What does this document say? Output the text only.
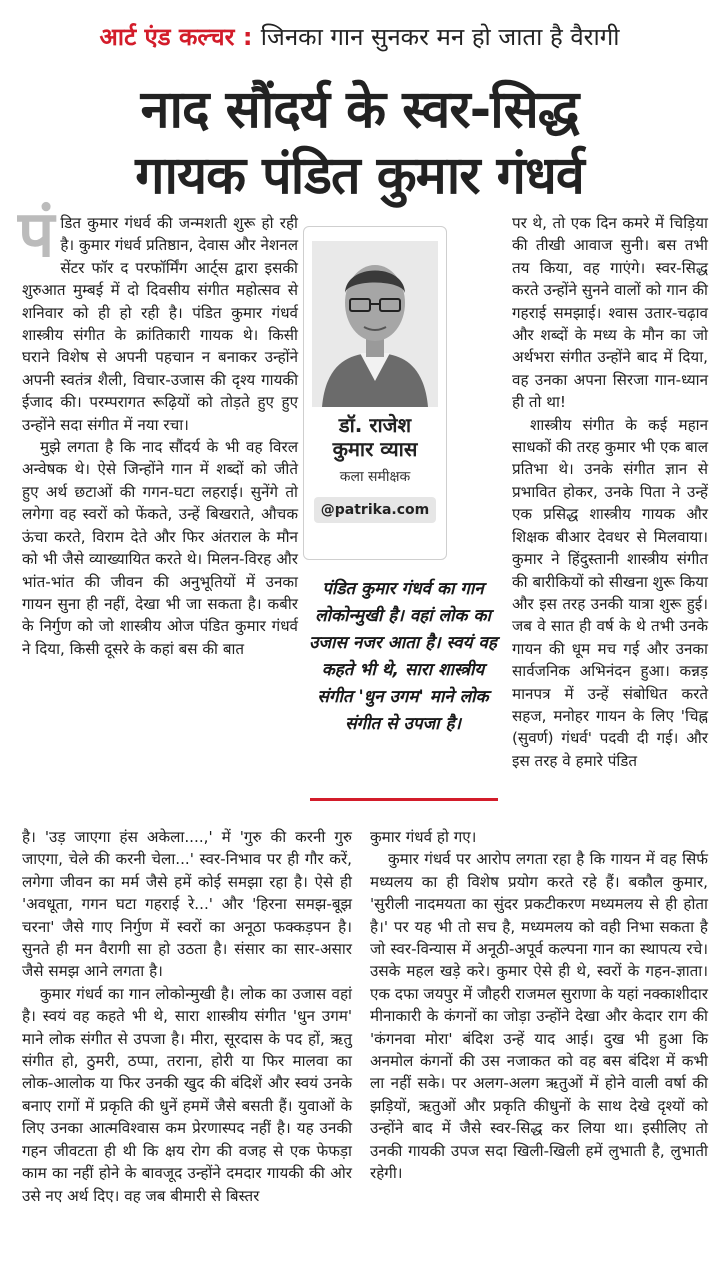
आर्ट एंड कल्चर : जिनका गान सुनकर मन हो जाता है वैरागी
नाद सौंदर्य के स्वर-सिद्ध
गायक पंडित कुमार गंधर्व

पंडित कुमार गंधर्व की जन्मशती शुरू हो रही है। कुमार गंधर्व प्रतिष्ठान, देवास और नेशनल सेंटर फॉर द परफॉर्मिंग आर्ट्स द्वारा इसकी शुरुआत मुम्बई में दो दिवसीय संगीत महोत्सव से शनिवार को ही हो रही है। पंडित कुमार गंधर्व शास्त्रीय संगीत के क्रांतिकारी गायक थे। किसी घराने विशेष से अपनी पहचान न बनाकर उन्होंने अपनी स्वतंत्र शैली, विचार-उजास की दृश्य गायकी ईजाद की। परम्परागत रूढ़ियों को तोड़ते हुए हुए उन्होंने सदा संगीत में नया रचा।

मुझे लगता है कि नाद सौंदर्य के भी वह विरल अन्वेषक थे। ऐसे जिन्होंने गान में शब्दों को जीते हुए अर्थ छटाओं की गगन-घटा लहराई। सुनेंगे तो लगेगा वह स्वरों को फेंकते, उन्हें बिखराते, औचक ऊंचा करते, विराम देते और फिर अंतराल के मौन को भी जैसे व्याख्यायित करते थे। मिलन-विरह और भांत-भांत की जीवन की अनुभूतियों में उनका गायन सुना ही नहीं, देखा भी जा सकता है। कबीर के निर्गुण को जो शास्त्रीय ओज पंडित कुमार गंधर्व ने दिया, किसी दूसरे के कहां बस की बात

डॉ. राजेश
कुमार व्यास
कला समीक्षक
@patrika.com
पंडित कुमार गंधर्व का गान लोकोन्मुखी है। वहां लोक का उजास नजर आता है। स्वयं वह कहते भी थे, सारा शास्त्रीय संगीत 'धुन उगम' माने लोक संगीत से उपजा है।

पर थे, तो एक दिन कमरे में चिड़िया की तीखी आवाज सुनी। बस तभी तय किया, वह गाएंगे। स्वर-सिद्ध करते उन्होंने सुनने वालों को गान की गहराई समझाई। श्वास उतार-चढ़ाव और शब्दों के मध्य के मौन का जो अर्थभरा संगीत उन्होंने बाद में दिया, वह उनका अपना सिरजा गान-ध्यान ही तो था!

शास्त्रीय संगीत के कई महान साधकों की तरह कुमार भी एक बाल प्रतिभा थे। उनके संगीत ज्ञान से प्रभावित होकर, उनके पिता ने उन्हें एक प्रसिद्ध शास्त्रीय गायक और शिक्षक बीआर देवधर से मिलवाया। कुमार ने हिंदुस्तानी शास्त्रीय संगीत की बारीकियों को सीखना शुरू किया और इस तरह उनकी यात्रा शुरू हुई। जब वे सात ही वर्ष के थे तभी उनके गायन की धूम मच गई और उनका सार्वजनिक अभिनंदन हुआ। कन्नड़ मानपत्र में उन्हें संबोधित करते सहज, मनोहर गायन के लिए 'चिह्न (सुवर्ण) गंधर्व' पदवी दी गई। और इस तरह वे हमारे पंडित

है। 'उड़ जाएगा हंस अकेला....,' में 'गुरु की करनी गुरु जाएगा, चेले की करनी चेला...' स्वर-निभाव पर ही गौर करें, लगेगा जीवन का मर्म जैसे हमें कोई समझा रहा है। ऐसे ही 'अवधूता, गगन घटा गहराई रे...' और 'हिरना समझ-बूझ चरना' जैसे गाए निर्गुण में स्वरों का अनूठा फक्कड़पन है। सुनते ही मन वैरागी सा हो उठता है। संसार का सार-असार जैसे समझ आने लगता है।

कुमार गंधर्व का गान लोकोन्मुखी है। लोक का उजास वहां है। स्वयं वह कहते भी थे, सारा शास्त्रीय संगीत 'धुन उगम' माने लोक संगीत से उपजा है। मीरा, सूरदास के पद हों, ऋतु संगीत हो, ठुमरी, ठप्पा, तराना, होरी या फिर मालवा का लोक-आलोक या फिर उनकी खुद की बंदिशें और स्वयं उनके बनाए रागों में प्रकृति की धुनें हममें जैसे बसती हैं। युवाओं के लिए उनका आत्मविश्वास कम प्रेरणास्पद नहीं है। यह उनकी गहन जीवटता ही थी कि क्षय रोग की वजह से एक फेफड़ा काम का नहीं होने के बावजूद उन्होंने दमदार गायकी की ओर उसे नए अर्थ दिए। वह जब बीमारी से बिस्तर

कुमार गंधर्व हो गए।

कुमार गंधर्व पर आरोप लगता रहा है कि गायन में वह सिर्फ मध्यलय का ही विशेष प्रयोग करते रहे हैं। बकौल कुमार, 'सुरीली नादमयता का सुंदर प्रकटीकरण मध्यमलय से ही होता है।' पर यह भी तो सच है, मध्यमलय को वही निभा सकता है जो स्वर-विन्यास में अनूठी-अपूर्व कल्पना गान का स्थापत्य रचे। उसके महल खड़े करे। कुमार ऐसे ही थे, स्वरों के गहन-ज्ञाता। एक दफा जयपुर में जौहरी राजमल सुराणा के यहां नक्काशीदार मीनाकारी के कंगनों का जोड़ा उन्होंने देखा और केदार राग की 'कंगनवा मोरा' बंदिश उन्हें याद आई। दुख भी हुआ कि अनमोल कंगनों की उस नजाकत को वह बस बंदिश में कभी ला नहीं सके। पर अलग-अलग ऋतुओं में होने वाली वर्षा की झड़ियों, ऋतुओं और प्रकृति कीधुनों के साथ देखे दृश्यों को उन्होंने बाद में जैसे स्वर-सिद्ध कर लिया था। इसीलिए तो उनकी गायकी उपज सदा खिली-खिली हमें लुभाती है, लुभाती रहेगी।
